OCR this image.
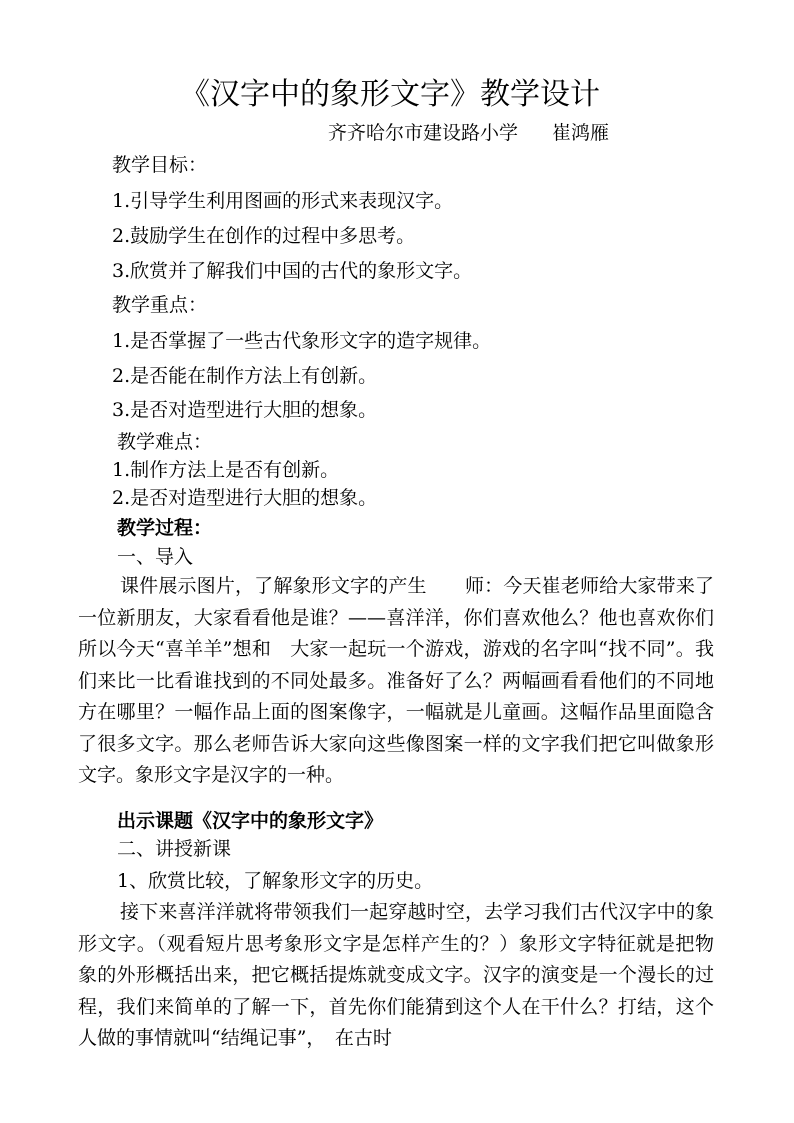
《汉字中的象形文字》教学设计
齐齐哈尔市建设路小学 崔鸿雁
教学目标：
1.引导学生利用图画的形式来表现汉字。
2.鼓励学生在创作的过程中多思考。
3.欣赏并了解我们中国的古代的象形文字。
教学重点：
1.是否掌握了一些古代象形文字的造字规律。
2.是否能在制作方法上有创新。
3.是否对造型进行大胆的想象。
教学难点：
1.制作方法上是否有创新。
2.是否对造型进行大胆的想象。
教学过程：
一、导入
课件展示图片，了解象形文字的产生　　师：今天崔老师给大家带来了一位新朋友，大家看看他是谁？——喜洋洋，你们喜欢他么？他也喜欢你们所以今天“喜羊羊”想和　大家一起玩一个游戏，游戏的名字叫“找不同”。我们来比一比看谁找到的不同处最多。准备好了么？两幅画看看他们的不同地方在哪里？一幅作品上面的图案像字，一幅就是儿童画。这幅作品里面隐含了很多文字。那么老师告诉大家向这些像图案一样的文字我们把它叫做象形文字。象形文字是汉字的一种。
出示课题《汉字中的象形文字》
二、讲授新课
1、欣赏比较，了解象形文字的历史。
接下来喜洋洋就将带领我们一起穿越时空，去学习我们古代汉字中的象形文字。（观看短片思考象形文字是怎样产生的？）象形文字特征就是把物象的外形概括出来，把它概括提炼就变成文字。汉字的演变是一个漫长的过程，我们来简单的了解一下，首先你们能猜到这个人在干什么？打结，这个人做的事情就叫“结绳记事”，　在古时
